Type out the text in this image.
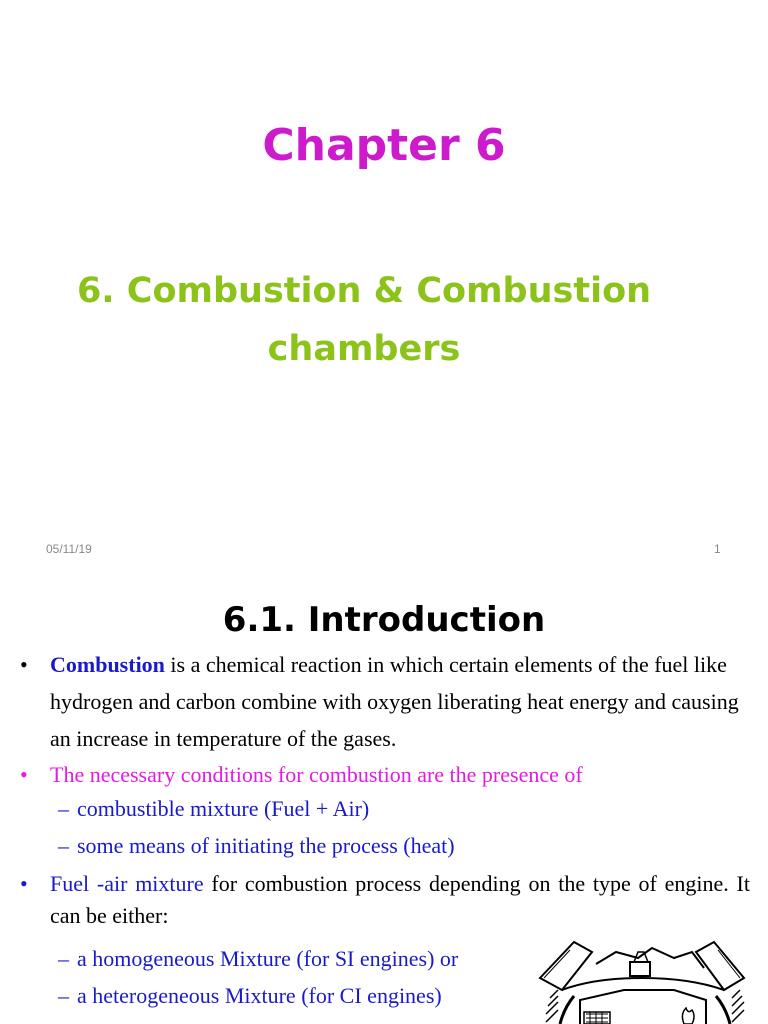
Chapter 6
6. Combustion & Combustion
chambers
05/11/19	1
6.1. Introduction
•	Combustion is a chemical reaction in which certain elements of the fuel like hydrogen and carbon combine with oxygen liberating heat energy and causing an increase in temperature of the gases.
•	The necessary conditions for combustion are the presence of
– combustible mixture (Fuel + Air)
– some means of initiating the process (heat)
•	Fuel -air mixture for combustion process depending on the type of engine. It can be either:
– a homogeneous Mixture (for SI engines) or
– a heterogeneous Mixture (for CI engines)
